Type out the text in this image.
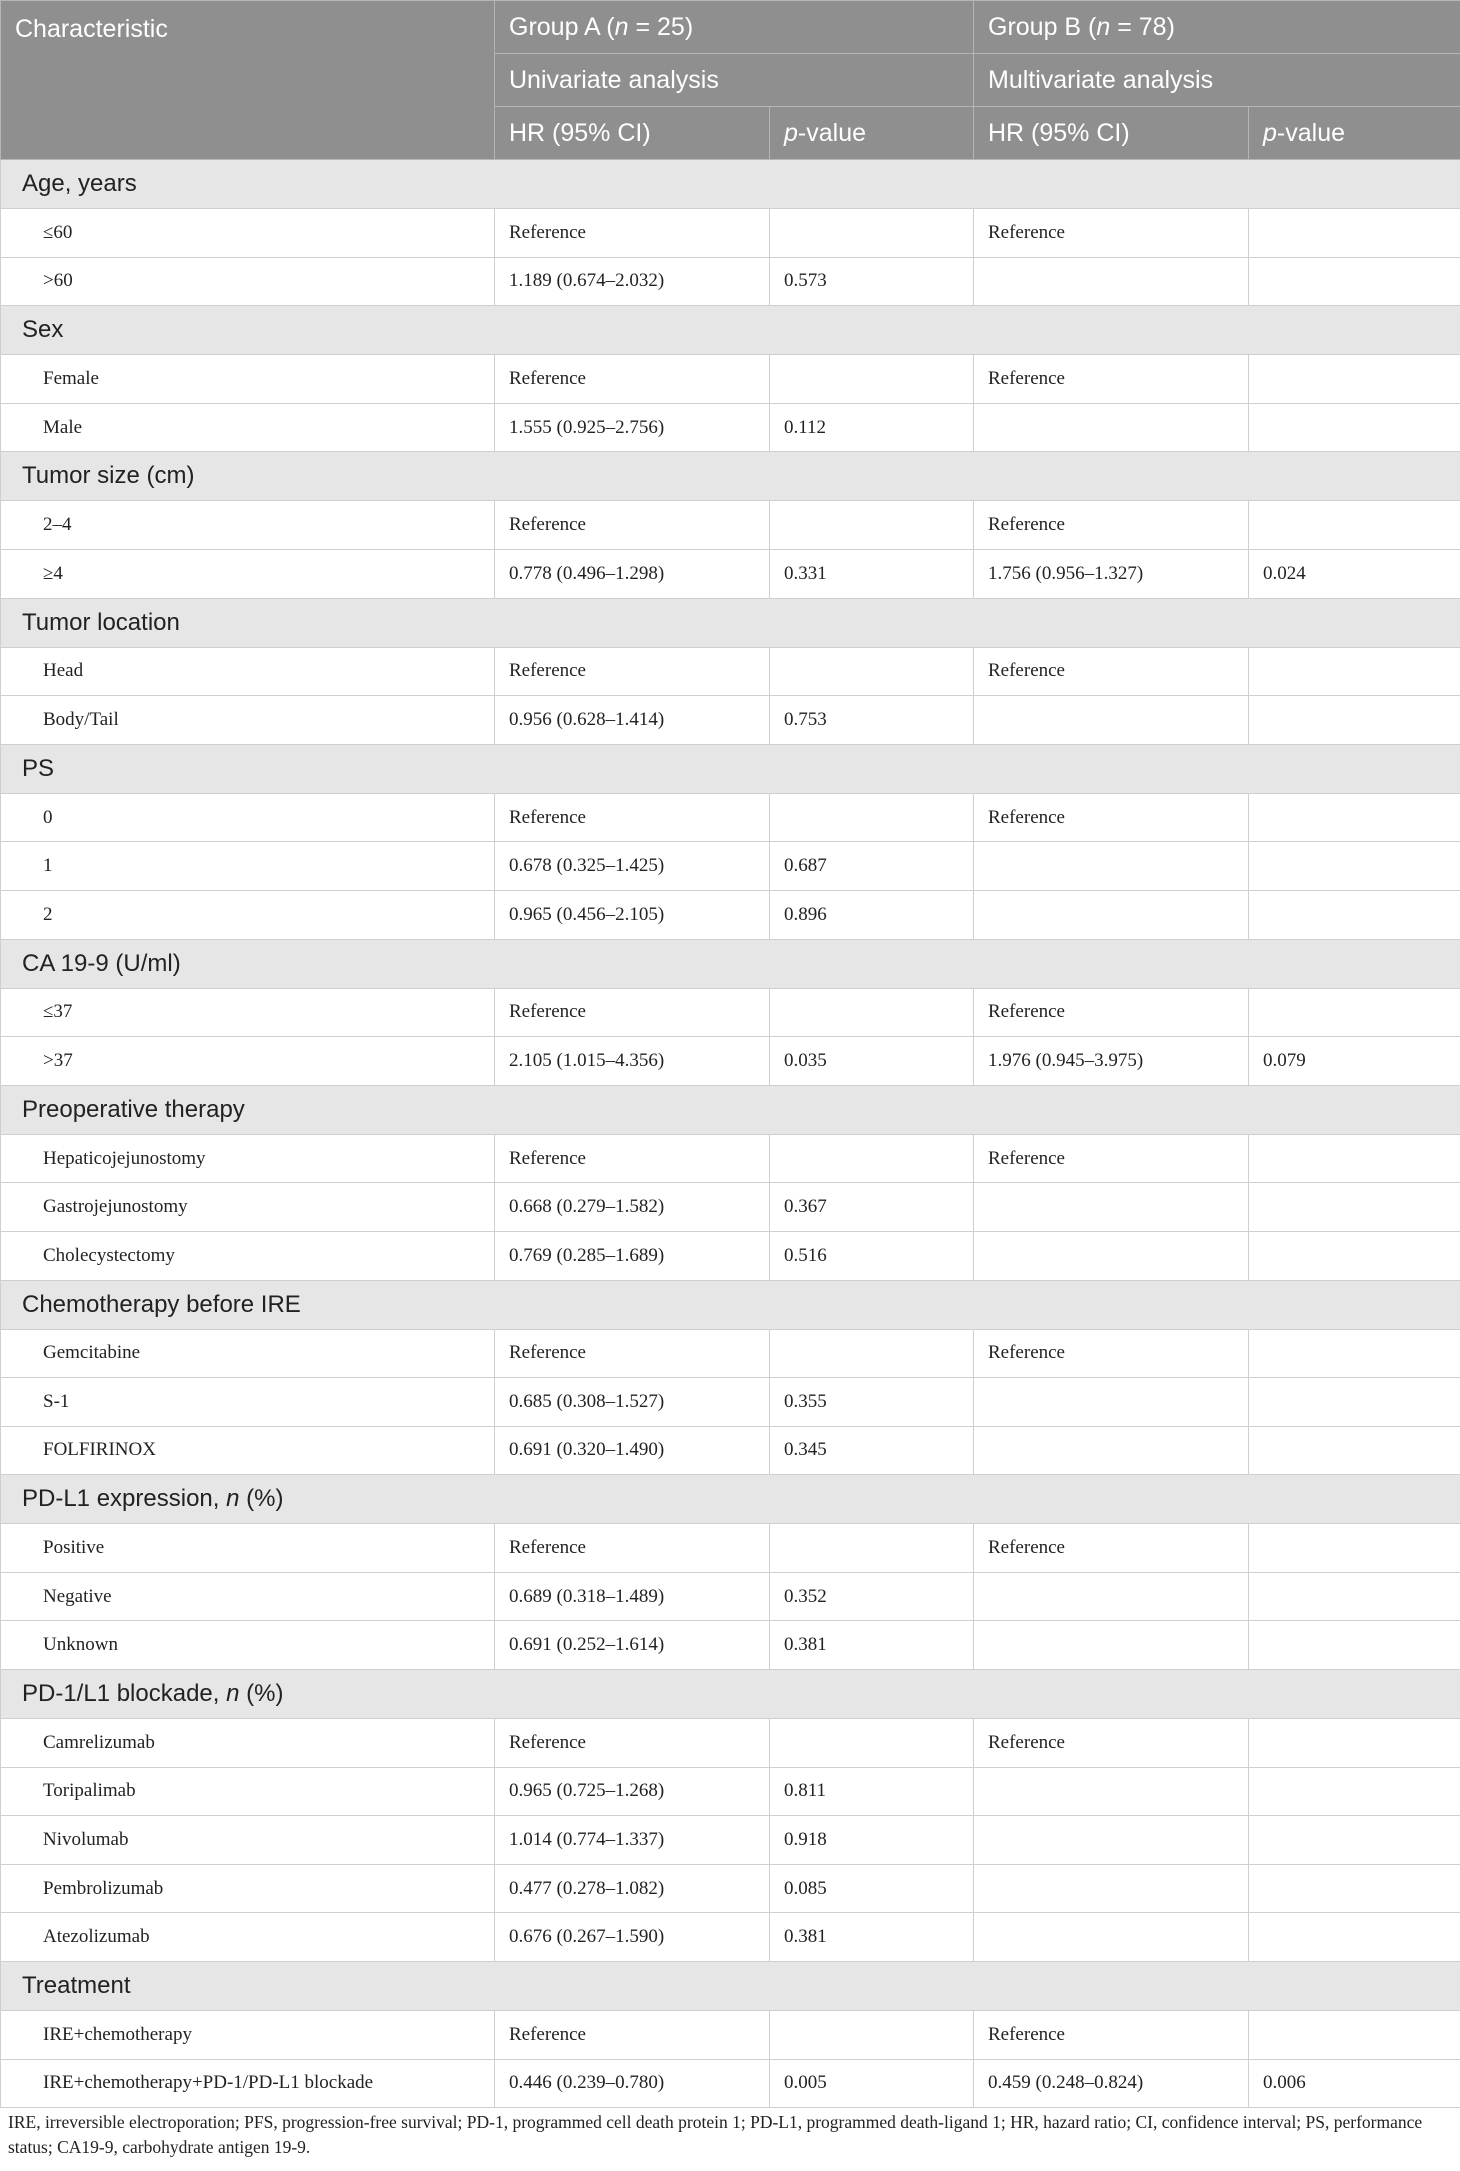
Characteristic	Group A (n = 25)		Group B (n = 78)	
	Univariate analysis		Multivariate analysis	
	HR (95% CI)	p-value	HR (95% CI)	p-value
Age, years				
≤60	Reference		Reference	
>60	1.189 (0.674–2.032)	0.573		
Sex				
Female	Reference		Reference	
Male	1.555 (0.925–2.756)	0.112		
Tumor size (cm)				
2–4	Reference		Reference	
≥4	0.778 (0.496–1.298)	0.331	1.756 (0.956–1.327)	0.024
Tumor location				
Head	Reference		Reference	
Body/Tail	0.956 (0.628–1.414)	0.753		
PS				
0	Reference		Reference	
1	0.678 (0.325–1.425)	0.687		
2	0.965 (0.456–2.105)	0.896		
CA 19-9 (U/ml)				
≤37	Reference		Reference	
>37	2.105 (1.015–4.356)	0.035	1.976 (0.945–3.975)	0.079
Preoperative therapy				
Hepaticojejunostomy	Reference		Reference	
Gastrojejunostomy	0.668 (0.279–1.582)	0.367		
Cholecystectomy	0.769 (0.285–1.689)	0.516		
Chemotherapy before IRE				
Gemcitabine	Reference		Reference	
S-1	0.685 (0.308–1.527)	0.355		
FOLFIRINOX	0.691 (0.320–1.490)	0.345		
PD-L1 expression, n (%)				
Positive	Reference		Reference	
Negative	0.689 (0.318–1.489)	0.352		
Unknown	0.691 (0.252–1.614)	0.381		
PD-1/L1 blockade, n (%)				
Camrelizumab	Reference		Reference	
Toripalimab	0.965 (0.725–1.268)	0.811		
Nivolumab	1.014 (0.774–1.337)	0.918		
Pembrolizumab	0.477 (0.278–1.082)	0.085		
Atezolizumab	0.676 (0.267–1.590)	0.381		
Treatment				
IRE+chemotherapy	Reference		Reference	
IRE+chemotherapy+PD-1/PD-L1 blockade	0.446 (0.239–0.780)	0.005	0.459 (0.248–0.824)	0.006
IRE, irreversible electroporation; PFS, progression-free survival; PD-1, programmed cell death protein 1; PD-L1, programmed death-ligand 1; HR, hazard ratio; CI, confidence interval; PS, performance status; CA19-9, carbohydrate antigen 19-9.
